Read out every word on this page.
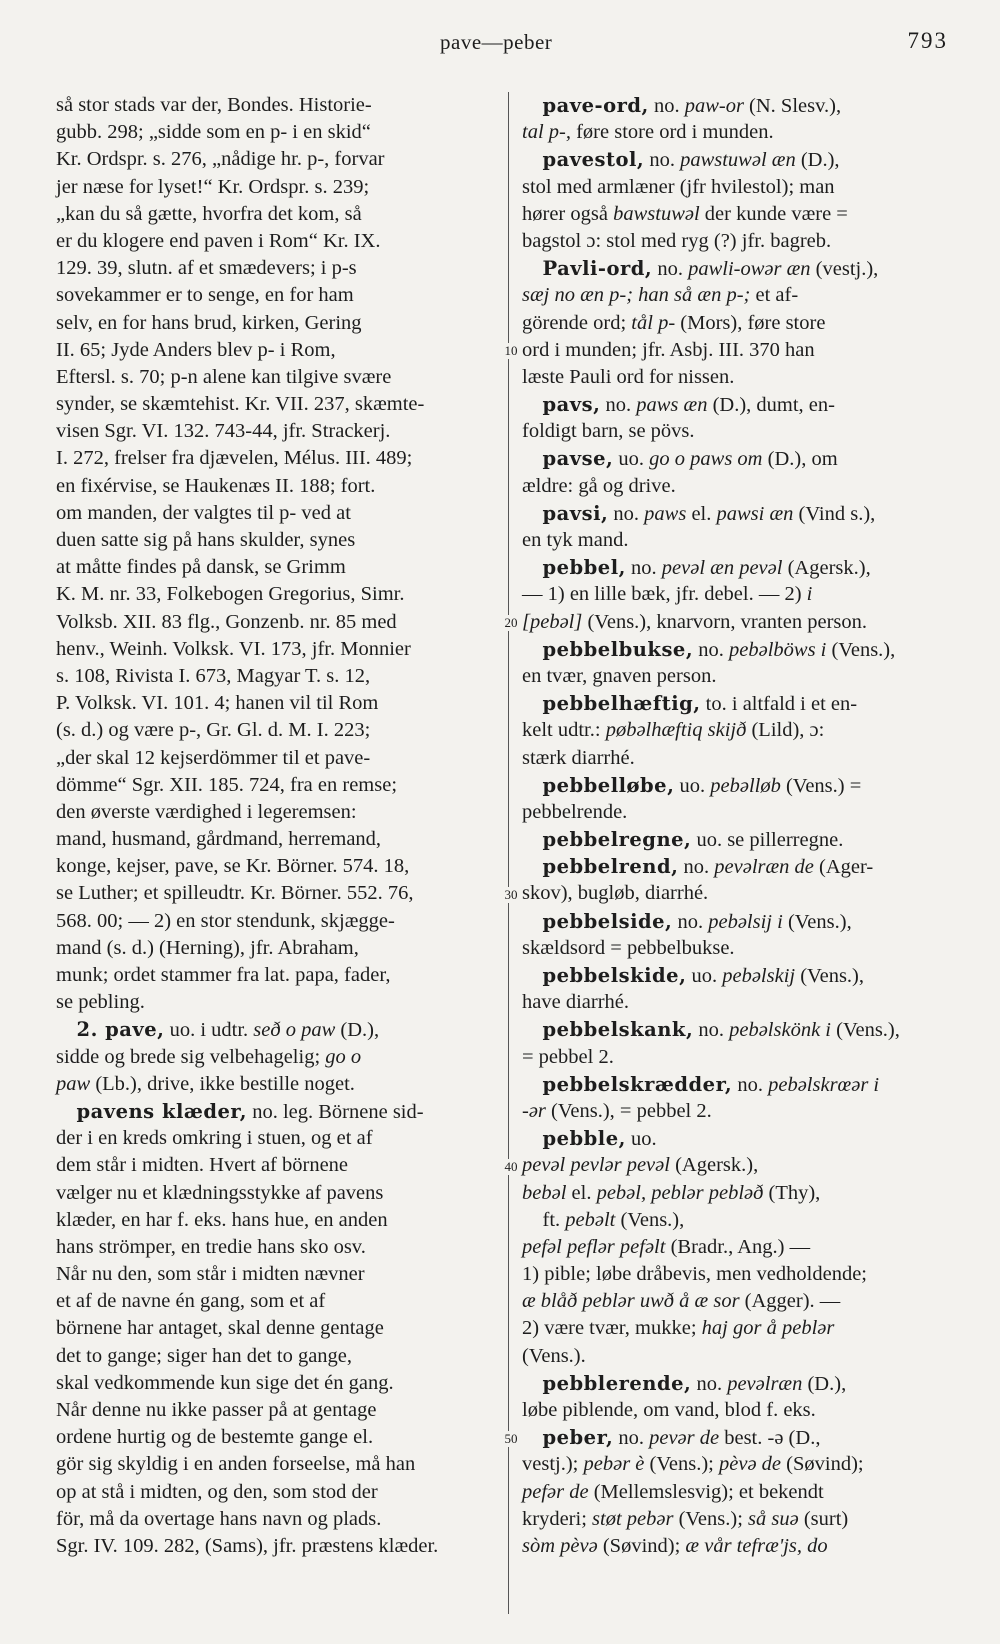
pave—peber	793
så stor stads var der, Bondes. Historie-
gubb. 298; „sidde som en p- i en skid“
Kr. Ordspr. s. 276, „nådige hr. p-, forvar
jer næse for lyset!“ Kr. Ordspr. s. 239;
„kan du så gætte, hvorfra det kom, så
er du klogere end paven i Rom“ Kr. IX.
129. 39, slutn. af et smædevers; i p-s
sovekammer er to senge, en for ham
selv, en for hans brud, kirken, Gering
II. 65; Jyde Anders blev p- i Rom,
Eftersl. s. 70; p-n alene kan tilgive svære
synder, se skæmtehist. Kr. VII. 237, skæmte-
visen Sgr. VI. 132. 743-44, jfr. Strackerj.
I. 272, frelser fra djævelen, Mélus. III. 489;
en fixérvise, se Haukenæs II. 188; fort.
om manden, der valgtes til p- ved at
duen satte sig på hans skulder, synes
at måtte findes på dansk, se Grimm
K. M. nr. 33, Folkebogen Gregorius, Simr.
Volksb. XII. 83 flg., Gonzenb. nr. 85 med
henv., Weinh. Volksk. VI. 173, jfr. Monnier
s. 108, Rivista I. 673, Magyar T. s. 12,
P. Volksk. VI. 101. 4; hanen vil til Rom
(s. d.) og være p-, Gr. Gl. d. M. I. 223;
„der skal 12 kejserdömmer til et pave-
dömme“ Sgr. XII. 185. 724, fra en remse;
den øverste værdighed i legeremsen:
mand, husmand, gårdmand, herremand,
konge, kejser, pave, se Kr. Börner. 574. 18,
se Luther; et spilleudtr. Kr. Börner. 552. 76,
568. 00; — 2) en stor stendunk, skjægge-
mand (s. d.) (Herning), jfr. Abraham,
munk; ordet stammer fra lat. papa, fader,
se pebling.
 2. pave, uo. i udtr. seð o paw (D.),
sidde og brede sig velbehagelig; go o
paw (Lb.), drive, ikke bestille noget.
 pavens klæder, no. leg. Börnene sid-
der i en kreds omkring i stuen, og et af
dem står i midten. Hvert af börnene
vælger nu et klædningsstykke af pavens
klæder, en har f. eks. hans hue, en anden
hans strömper, en tredie hans sko osv.
Når nu den, som står i midten nævner
et af de navne én gang, som et af
börnene har antaget, skal denne gentage
det to gange; siger han det to gange,
skal vedkommende kun sige det én gang.
Når denne nu ikke passer på at gentage
ordene hurtig og de bestemte gange el.
gör sig skyldig i en anden forseelse, må han
op at stå i midten, og den, som stod der
för, må da overtage hans navn og plads.
Sgr. IV. 109. 282, (Sams), jfr. præstens klæder.
10
20
30
40
50
 pave-ord, no. paw-or (N. Slesv.),
tal p-, føre store ord i munden.
 pavestol, no. pawstuwəl æn (D.),
stol med armlæner (jfr hvilestol); man
hører også bawstuwəl der kunde være =
bagstol ɔ: stol med ryg (?) jfr. bagreb.
 Pavli-ord, no. pawli-owər æn (vestj.),
sæj no æn p-; han så æn p-; et af-
görende ord; tål p- (Mors), føre store
ord i munden; jfr. Asbj. III. 370 han
læste Pauli ord for nissen.
 pavs, no. paws æn (D.), dumt, en-
foldigt barn, se pövs.
 pavse, uo. go o paws om (D.), om
ældre: gå og drive.
 pavsi, no. paws el. pawsi æn (Vind s.),
en tyk mand.
 pebbel, no. pevəl æn pevəl (Agersk.),
— 1) en lille bæk, jfr. debel. — 2) i
[pebəl] (Vens.), knarvorn, vranten person.
 pebbelbukse, no. pebəlböws i (Vens.),
en tvær, gnaven person.
 pebbelhæftig, to. i altfald i et en-
kelt udtr.: pøbəlhæftiq skijð (Lild), ɔ:
stærk diarrhé.
 pebbelløbe, uo. pebəlløb (Vens.) =
pebbelrende.
 pebbelregne, uo. se pillerregne.
 pebbelrend, no. pevəlræn de (Ager-
skov), bugløb, diarrhé.
 pebbelside, no. pebəlsij i (Vens.),
skældsord = pebbelbukse.
 pebbelskide, uo. pebəlskij (Vens.),
have diarrhé.
 pebbelskank, no. pebəlskönk i (Vens.),
= pebbel 2.
 pebbelskrædder, no. pebəlskrœər i
-ər (Vens.), = pebbel 2.
 pebble, uo.
pevəl pevlər pevəl (Agersk.),
bebəl el. pebəl, peblər pebləð (Thy),
 ft. pebəlt (Vens.),
pefəl peflər pefəlt (Bradr., Ang.) —
1) pible; løbe dråbevis, men vedholdende;
æ blåð peblər uwð å æ sor (Agger). —
2) være tvær, mukke; haj gor å peblər
(Vens.).
 pebblerende, no. pevəlræn (D.),
løbe piblende, om vand, blod f. eks.
 peber, no. pevər de best. -ə (D.,
vestj.); pebər è (Vens.); pèvə de (Søvind);
pefər de (Mellemslesvig); et bekendt
kryderi; støt pebər (Vens.); så suə (surt)
sòm pèvə (Søvind); æ vår tefræ'js, do
